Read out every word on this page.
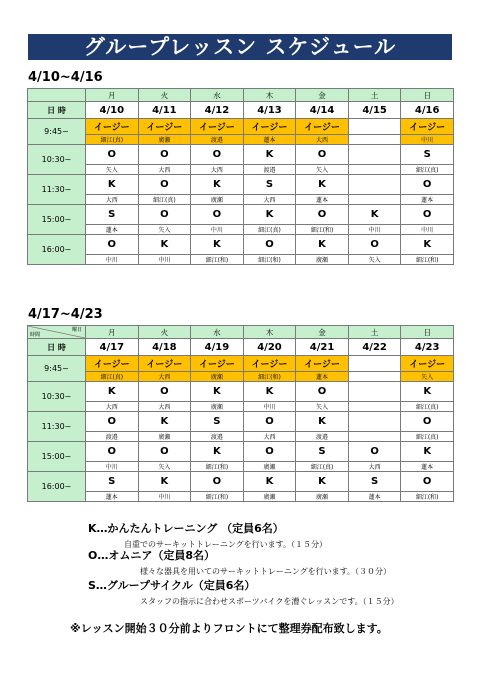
グループレッスン スケジュール
4/10~4/16
	月	火	水	木	金	土	日
日 時	4/10	4/11	4/12	4/13	4/14	4/15	4/16
9:45~	イージー	イージー	イージー	イージー	イージー		イージー
	細江(真)	廣瀬	渡邉	蓮本	大西		中川
10:30~	O	O	O	K	O		S
	矢入	大西	大西	渡邉	矢入		細江(真)
11:30~	K	O	K	S	K		O
	大西	細江(真)	廣瀬	大西	蓮本		蓮本
15:00~	S	O	O	K	O	K	O
	蓮本	矢入	中川	細江(真)	細江(和)	中川	中川
16:00~	O	K	K	O	K	O	K
	中川	中川	細江(和)	細江(和)	廣瀬	矢入	細江(和)
4/17~4/23
曜日
時間	月	火	水	木	金	土	日
日 時	4/17	4/18	4/19	4/20	4/21	4/22	4/23
9:45~	イージー	イージー	イージー	イージー	イージー		イージー
	細江(真)	大西	廣瀬	細江(和)	蓮本		矢入
10:30~	K	O	K	K	O		K
	大西	大西	廣瀬	中川	矢入		細江(真)
11:30~	O	K	S	O	K		O
	渡邉	廣瀬	渡邉	大西	渡邉		細江(真)
15:00~	O	O	K	O	S	O	K
	中川	矢入	細江(和)	廣瀬	細江(真)	大西	蓮本
16:00~	S	K	O	K	K	S	O
	蓮本	中川	細江(和)	廣瀬	廣瀬	蓮本	細江(和)
K…かんたんトレーニング （定員6名）
自重でのサーキットトレーニングを行います。（１５分）
O…オムニア（定員8名）
様々な器具を用いてのサーキットトレーニングを行います。（３０分）
S…グループサイクル（定員6名）
スタッフの指示に合わせスポーツバイクを漕ぐレッスンです。（１５分）
※レッスン開始３０分前よりフロントにて整理券配布致します。
